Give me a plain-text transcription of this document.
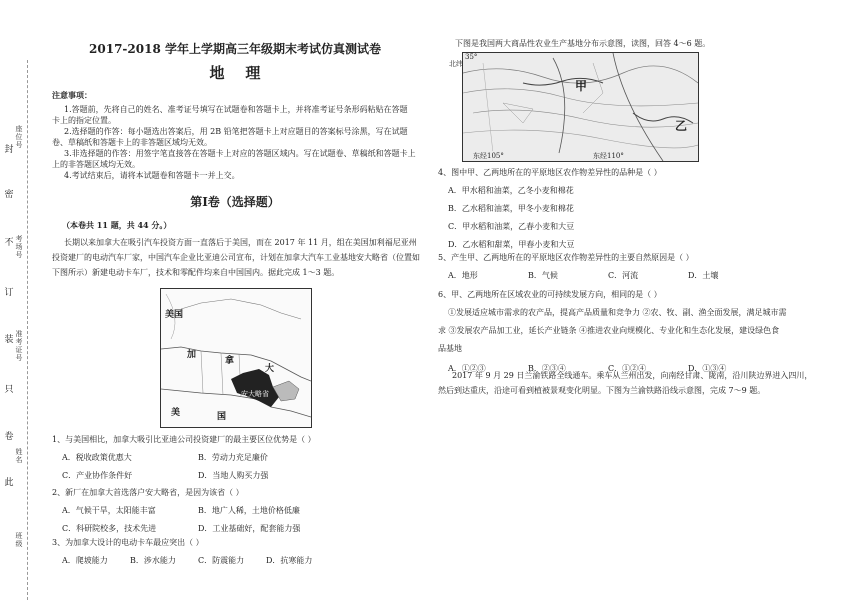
封
密
不
订
装
只
卷
此
座位号
考场号
准考证号
姓名
班级
2017-2018 学年上学期高三年级期末考试仿真测试卷
地    理
注意事项：
1.答题前，先将自己的姓名、准考证号填写在试题卷和答题卡上，并将准考证号条形码粘贴在答题
卡上的指定位置。
2.选择题的作答：每小题选出答案后，用 2B 铅笔把答题卡上对应题目的答案标号涂黑，写在试题
卷、草稿纸和答题卡上的非答题区域均无效。
3.非选择题的作答：用签字笔直接答在答题卡上对应的答题区域内。写在试题卷、草稿纸和答题卡上
上的非答题区域均无效。
4.考试结束后，请将本试题卷和答题卡一并上交。
第Ⅰ卷（选择题）
（本卷共 11 题，共 44 分。）
长期以来加拿大在吸引汽车投资方面一直落后于美国，而在 2017 年 11 月，组在美国加利福尼亚州
投资建厂的电动汽车厂家，中国汽车企业比亚迪公司宣布，计划在加拿大汽车工业基地安大略省（位置如
下图所示）新建电动卡车厂，技术和零配件均来自中国国内。据此完成 1～3 题。
美国
加
拿
大
美	国
安大略省
1、与美国相比，加拿大吸引比亚迪公司投资建厂的最主要区位优势是（ ）
A．税收政策优惠大	B．劳动力充足廉价
C．产业协作条件好	D．当地人购买力强
2、新厂在加拿大首选落户安大略省，是因为该省（ ）
A．气候干旱，太阳能丰富	B．地广人稀，土地价格低廉
C．科研院校多，技术先进	D．工业基础好，配套能力强
3、为加拿大设计的电动卡车最应突出（ ）
A．爬坡能力	B．涉水能力	C．防震能力	D．抗寒能力
下图是我国两大商品性农业生产基地分布示意图，读图，回答 4～6 题。
35°
北纬
甲
乙
东经105°	东经110°
4、图中甲、乙两地所在的平原地区农作物差异性的品种是（ ）
A．甲水稻和油菜，乙冬小麦和棉花
B．乙水稻和油菜，甲冬小麦和棉花
C．甲水稻和油菜，乙春小麦和大豆
D．乙水稻和甜菜，甲春小麦和大豆
5、产生甲、乙两地所在的平原地区农作物差异性的主要自然原因是（ ）
A．地形	B．气候	C．河流	D．土壤
6、甲、乙两地所在区域农业的可持续发展方向，相同的是（ ）
①发展适应城市需求的农产品，提高产品质量和竞争力 ②农、牧、副、渔全面发展，满足城市需
求 ③发展农产品加工业，延长产业链条 ④推进农业向规模化、专业化和生态化发展，建设绿色食
品基地
A．①②③	B．②③④	C．①②④	D．①③④
2017 年 9 月 29 日兰渝铁路全线通车。乘车从兰州出发，向南经甘肃、陇南，沿川陕边界进入四川，
然后到达重庆，沿途可看到植被景观变化明显。下图为兰渝铁路沿线示意图，完成 7～9 题。
